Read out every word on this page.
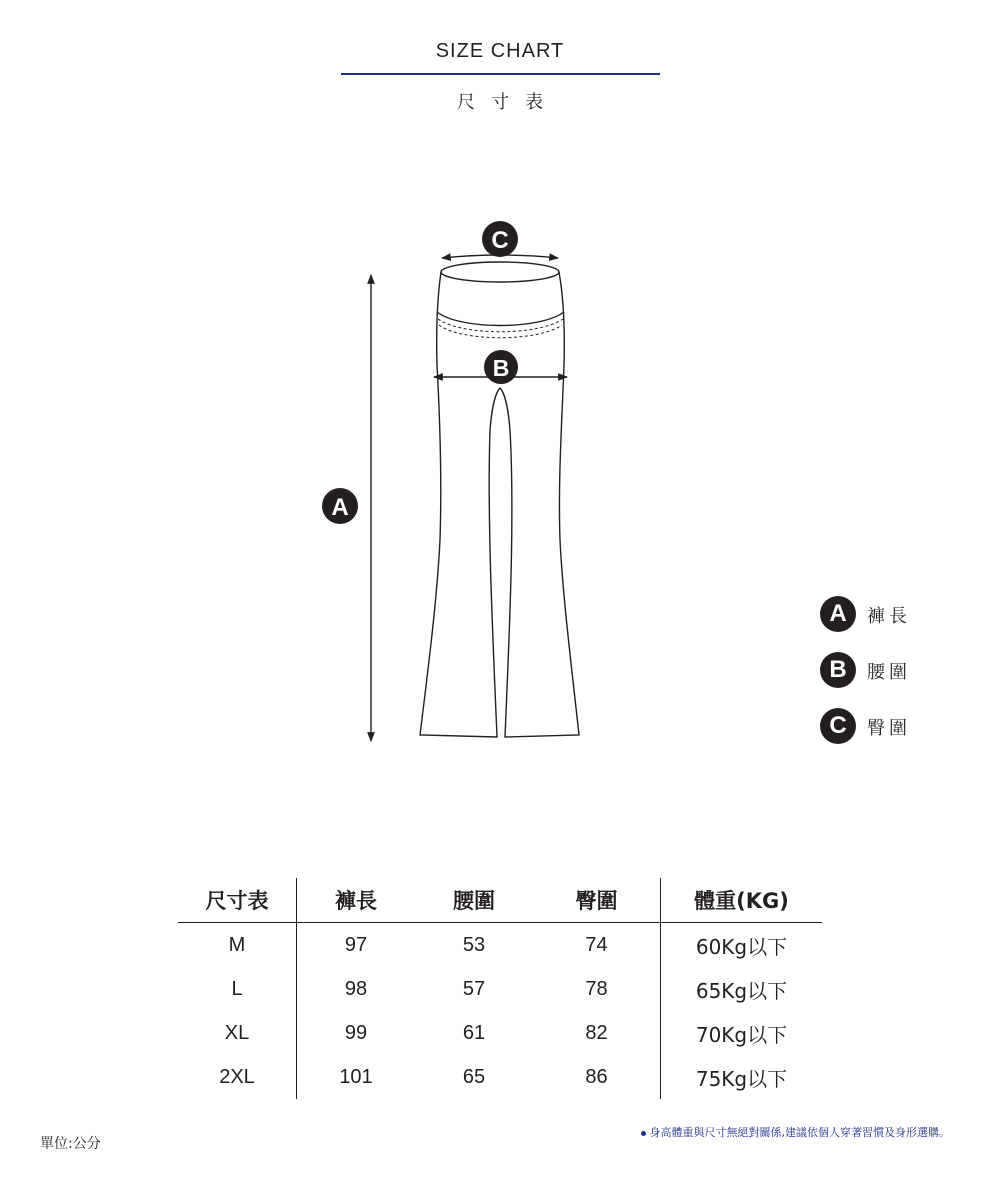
SIZE CHART
尺寸表
A
B
C
A	褲長
B	腰圍
C	臀圍
尺寸表	褲長	腰圍	臀圍	體重(KG)
M	97	53	74	60Kg以下
L	98	57	78	65Kg以下
XL	99	61	82	70Kg以下
2XL	101	65	86	75Kg以下
單位:公分
身高體重與尺寸無絕對關係,建議依個人穿著習慣及身形選購。
